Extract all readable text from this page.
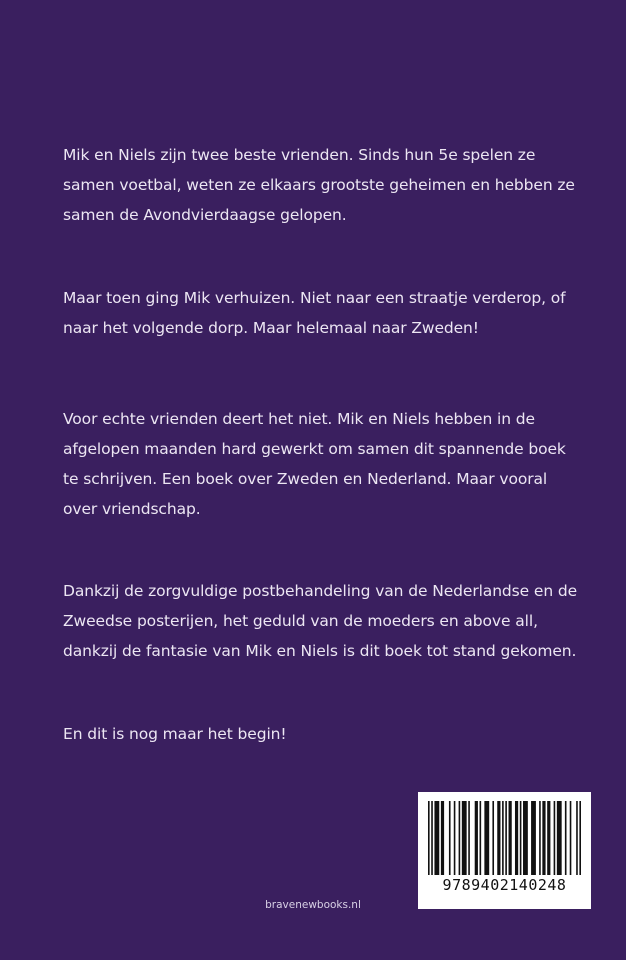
Mik en Niels zijn twee beste vrienden. Sinds hun 5e spelen ze samen voetbal, weten ze elkaars grootste geheimen en hebben ze samen de Avondvierdaagse gelopen.
Maar toen ging Mik verhuizen. Niet naar een straatje verderop, of naar het volgende dorp. Maar helemaal naar Zweden!
Voor echte vrienden deert het niet. Mik en Niels hebben in de afgelopen maanden hard gewerkt om samen dit spannende boek te schrijven. Een boek over Zweden en Nederland. Maar vooral over vriendschap.
Dankzij de zorgvuldige postbehandeling van de Nederlandse en de Zweedse posterijen, het geduld van de moeders en above all, dankzij de fantasie van Mik en Niels is dit boek tot stand gekomen.
En dit is nog maar het begin!
9789402140248
bravenewbooks.nl
